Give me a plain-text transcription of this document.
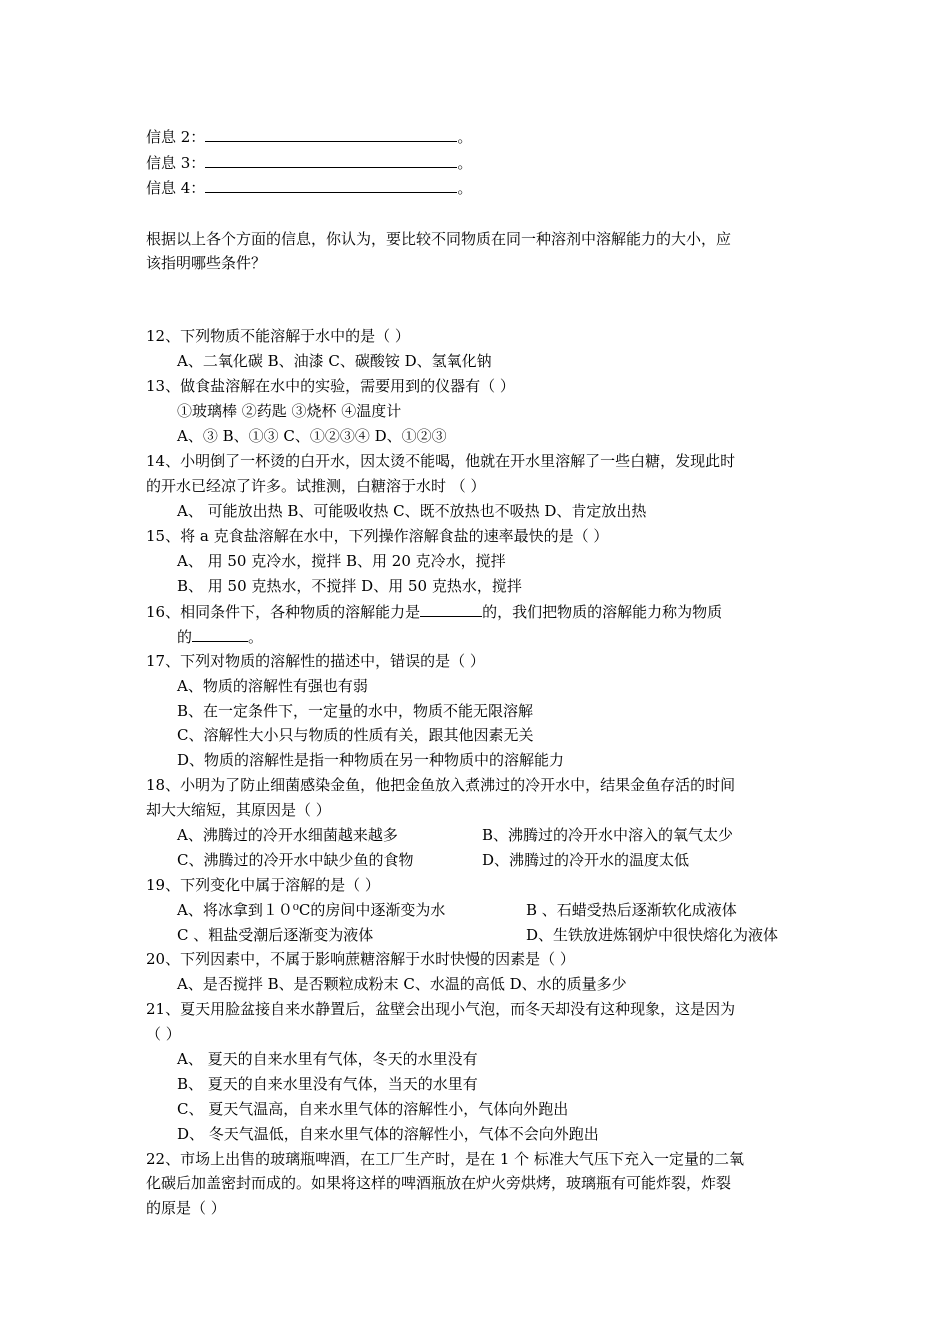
信息 2：	。
信息 3：	。
信息 4：	。
根据以上各个方面的信息，你认为，要比较不同物质在同一种溶剂中溶解能力的大小，应
该指明哪些条件？
12、下列物质不能溶解于水中的是（ ）
A、二氧化碳 B、油漆 C、碳酸铵 D、氢氧化钠
13、做食盐溶解在水中的实验，需要用到的仪器有（ ）
①玻璃棒 ②药匙 ③烧杯 ④温度计
A、③ B、①③ C、①②③④ D、①②③
14、小明倒了一杯烫的白开水，因太烫不能喝，他就在开水里溶解了一些白糖，发现此时
的开水已经凉了许多。试推测，白糖溶于水时 （ ）
A、 可能放出热 B、可能吸收热 C、既不放热也不吸热 D、肯定放出热
15、将 a 克食盐溶解在水中，下列操作溶解食盐的速率最快的是（ ）
A、 用 50 克冷水，搅拌 B、用 20 克冷水，搅拌
B、 用 50 克热水，不搅拌 D、用 50 克热水，搅拌
16、相同条件下，各种物质的溶解能力是	的，我们把物质的溶解能力称为物质
的	。
17、下列对物质的溶解性的描述中，错误的是（ ）
A、物质的溶解性有强也有弱
B、在一定条件下，一定量的水中，物质不能无限溶解
C、溶解性大小只与物质的性质有关，跟其他因素无关
D、物质的溶解性是指一种物质在另一种物质中的溶解能力
18、小明为了防止细菌感染金鱼，他把金鱼放入煮沸过的冷开水中，结果金鱼存活的时间
却大大缩短，其原因是（ ）
A、沸腾过的冷开水细菌越来越多	B、沸腾过的冷开水中溶入的氧气太少
C、沸腾过的冷开水中缺少鱼的食物	D、沸腾过的冷开水的温度太低
19、下列变化中属于溶解的是（ ）
A、将冰拿到１０⁰C的房间中逐渐变为水	B 、石蜡受热后逐渐软化成液体
C 、粗盐受潮后逐渐变为液体	D、生铁放进炼钢炉中很快熔化为液体
20、下列因素中，不属于影响蔗糖溶解于水时快慢的因素是（ ）
A、是否搅拌 B、是否颗粒成粉末 C、水温的高低 D、水的质量多少
21、夏天用脸盆接自来水静置后，盆壁会出现小气泡，而冬天却没有这种现象，这是因为
（ ）
A、 夏天的自来水里有气体，冬天的水里没有
B、 夏天的自来水里没有气体，当天的水里有
C、 夏天气温高，自来水里气体的溶解性小，气体向外跑出
D、 冬天气温低，自来水里气体的溶解性小，气体不会向外跑出
22、市场上出售的玻璃瓶啤酒，在工厂生产时，是在 1 个 标准大气压下充入一定量的二氧
化碳后加盖密封而成的。如果将这样的啤酒瓶放在炉火旁烘烤，玻璃瓶有可能炸裂，炸裂
的原是（ ）
